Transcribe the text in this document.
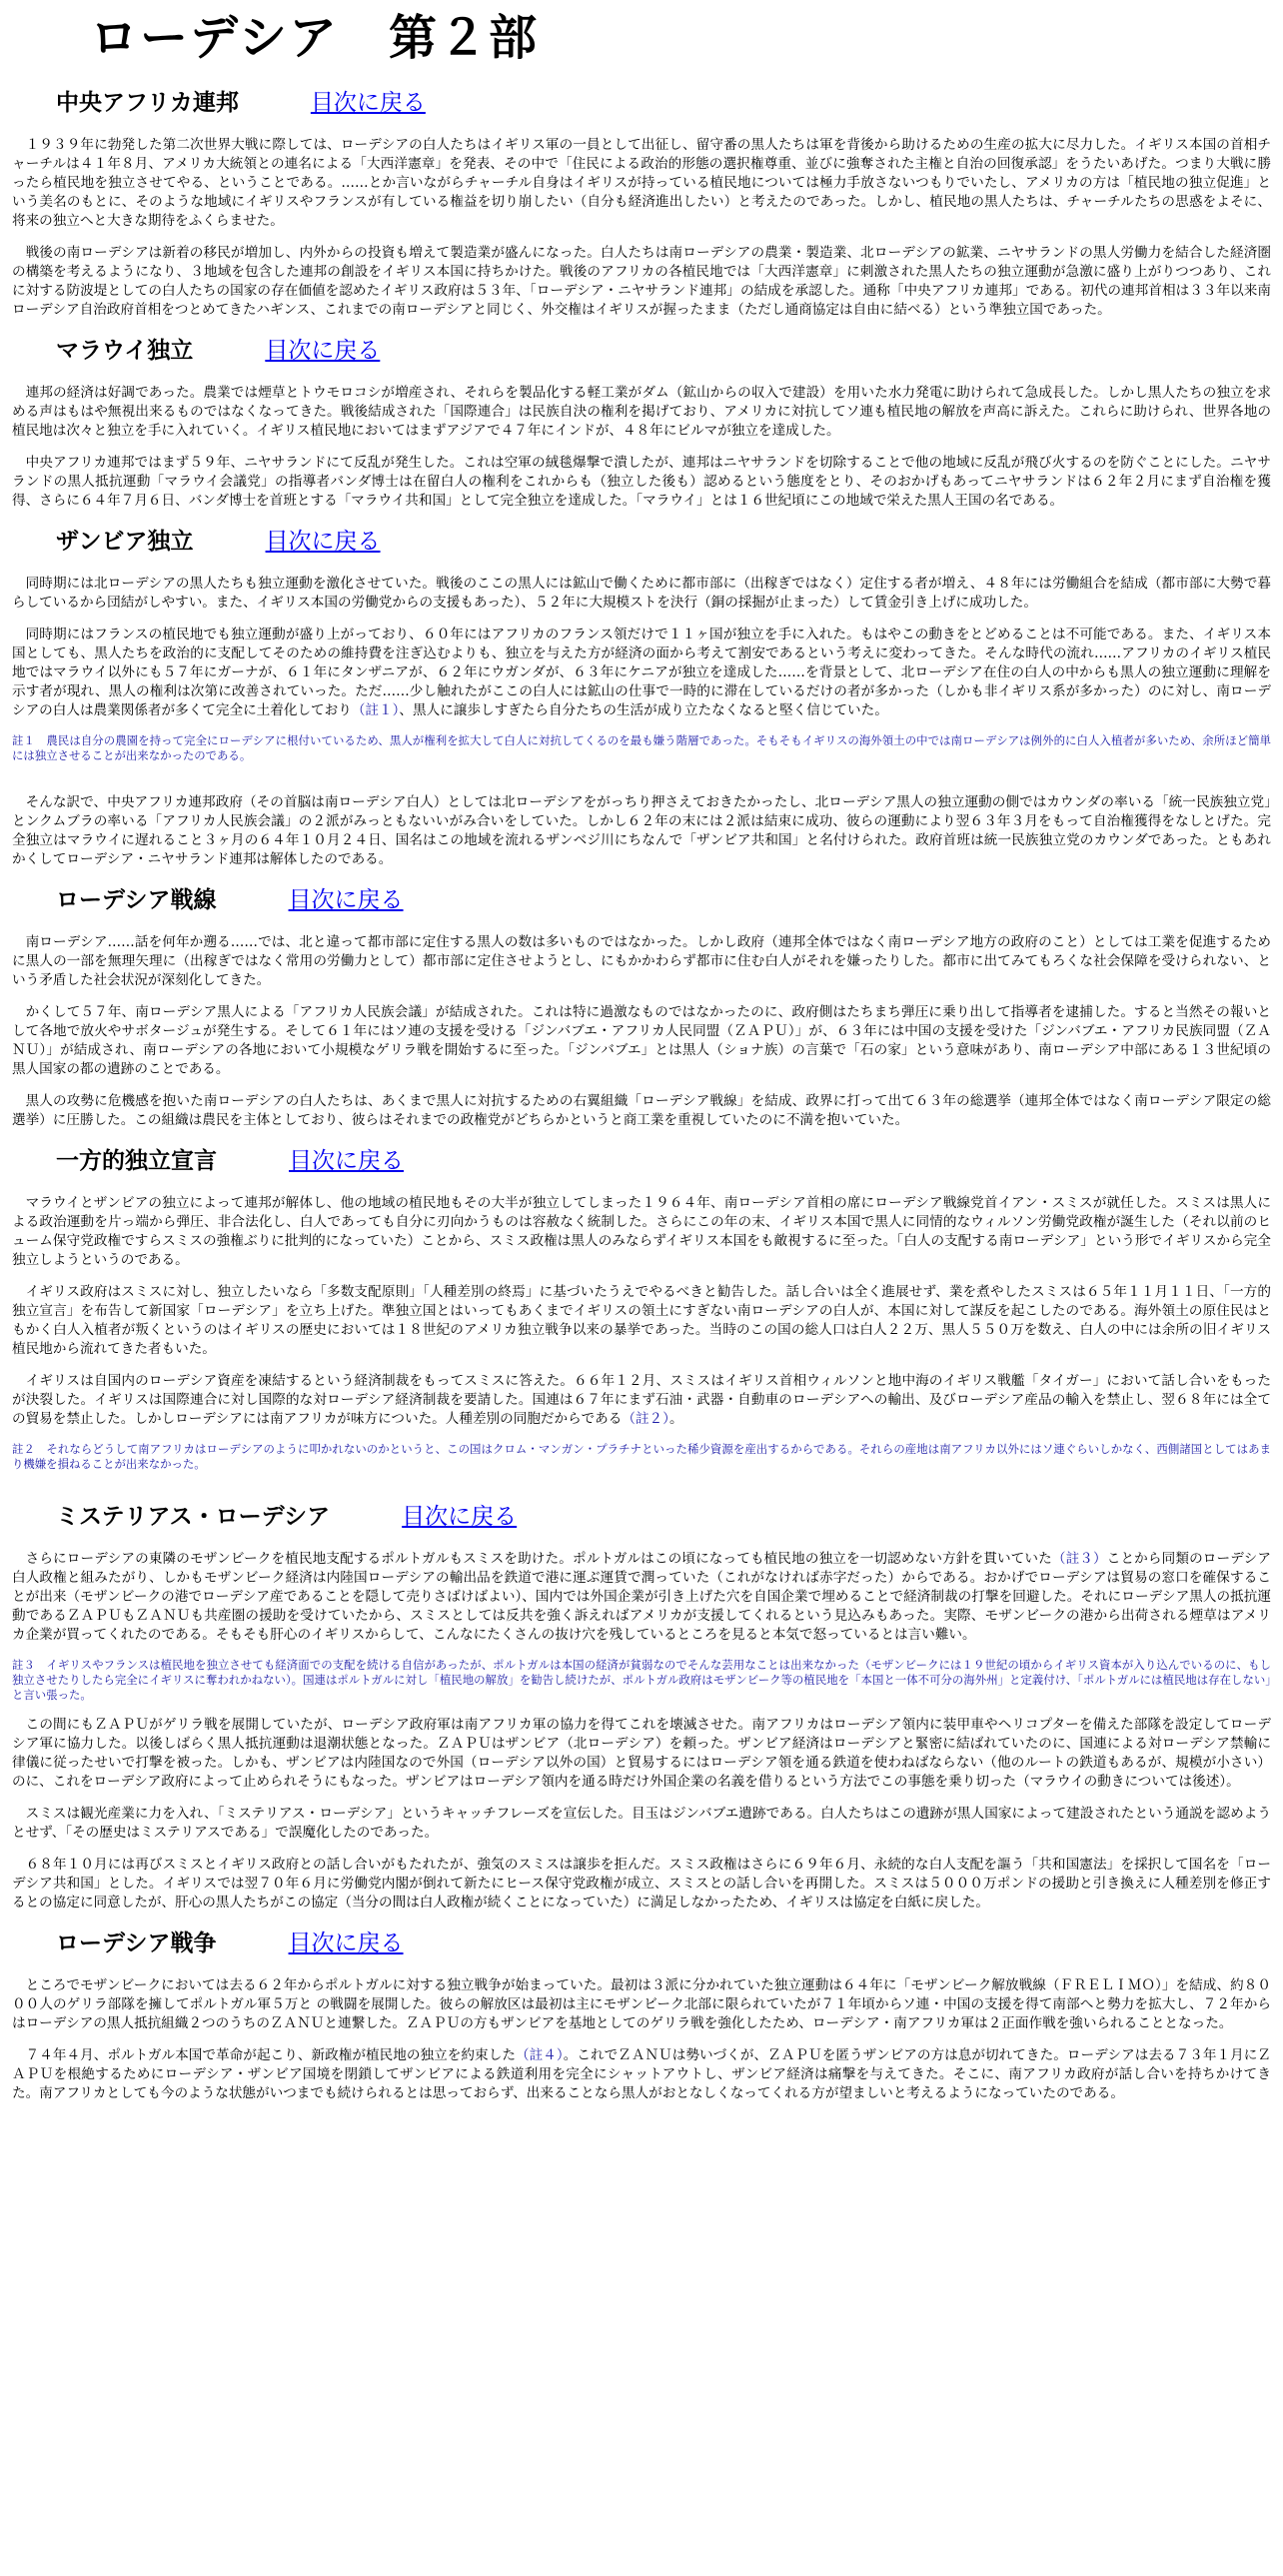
ローデシア　第２部
中央アフリカ連邦	目次に戻る

１９３９年に勃発した第二次世界大戦に際しては、ローデシアの白人たちはイギリス軍の一員として出征し、留守番の黒人たちは軍を背後から助けるための生産の拡大に尽力した。イギリス本国の首相チャーチルは４１年８月、アメリカ大統領との連名による「大西洋憲章」を発表、その中で「住民による政治的形態の選択権尊重、並びに強奪された主権と自治の回復承認」をうたいあげた。つまり大戦に勝ったら植民地を独立させてやる、ということである。……とか言いながらチャーチル自身はイギリスが持っている植民地については極力手放さないつもりでいたし、アメリカの方は「植民地の独立促進」という美名のもとに、そのような地域にイギリスやフランスが有している権益を切り崩したい（自分も経済進出したい）と考えたのであった。しかし、植民地の黒人たちは、チャーチルたちの思惑をよそに、将来の独立へと大きな期待をふくらませた。

戦後の南ローデシアは新着の移民が増加し、内外からの投資も増えて製造業が盛んになった。白人たちは南ローデシアの農業・製造業、北ローデシアの鉱業、ニヤサランドの黒人労働力を結合した経済圏の構築を考えるようになり、３地域を包含した連邦の創設をイギリス本国に持ちかけた。戦後のアフリカの各植民地では「大西洋憲章」に刺激された黒人たちの独立運動が急激に盛り上がりつつあり、これに対する防波堤としての白人たちの国家の存在価値を認めたイギリス政府は５３年、「ローデシア・ニヤサランド連邦」の結成を承認した。通称「中央アフリカ連邦」である。初代の連邦首相は３３年以来南ローデシア自治政府首相をつとめてきたハギンス、これまでの南ローデシアと同じく、外交権はイギリスが握ったまま（ただし通商協定は自由に結べる）という準独立国であった。

マラウイ独立	目次に戻る

連邦の経済は好調であった。農業では煙草とトウモロコシが増産され、それらを製品化する軽工業がダム（鉱山からの収入で建設）を用いた水力発電に助けられて急成長した。しかし黒人たちの独立を求める声はもはや無視出来るものではなくなってきた。戦後結成された「国際連合」は民族自決の権利を掲げており、アメリカに対抗してソ連も植民地の解放を声高に訴えた。これらに助けられ、世界各地の植民地は次々と独立を手に入れていく。イギリス植民地においてはまずアジアで４７年にインドが、４８年にビルマが独立を達成した。

中央アフリカ連邦ではまず５９年、ニヤサランドにて反乱が発生した。これは空軍の絨毯爆撃で潰したが、連邦はニヤサランドを切除することで他の地域に反乱が飛び火するのを防ぐことにした。ニヤサランドの黒人抵抗運動「マラウイ会議党」の指導者バンダ博士は在留白人の権利をこれからも（独立した後も）認めるという態度をとり、そのおかげもあってニヤサランドは６２年２月にまず自治権を獲得、さらに６４年７月６日、バンダ博士を首班とする「マラウイ共和国」として完全独立を達成した。「マラウイ」とは１６世紀頃にこの地域で栄えた黒人王国の名である。

ザンビア独立	目次に戻る

同時期には北ローデシアの黒人たちも独立運動を激化させていた。戦後のここの黒人には鉱山で働くために都市部に（出稼ぎではなく）定住する者が増え、４８年には労働組合を結成（都市部に大勢で暮らしているから団結がしやすい。また、イギリス本国の労働党からの支援もあった）、５２年に大規模ストを決行（銅の採掘が止まった）して賃金引き上げに成功した。

同時期にはフランスの植民地でも独立運動が盛り上がっており、６０年にはアフリカのフランス領だけで１１ヶ国が独立を手に入れた。もはやこの動きをとどめることは不可能である。また、イギリス本国としても、黒人たちを政治的に支配してそのための維持費を注ぎ込むよりも、独立を与えた方が経済の面から考えて割安であるという考えに変わってきた。そんな時代の流れ……アフリカのイギリス植民地ではマラウイ以外にも５７年にガーナが、６１年にタンザニアが、６２年にウガンダが、６３年にケニアが独立を達成した……を背景として、北ローデシア在住の白人の中からも黒人の独立運動に理解を示す者が現れ、黒人の権利は次第に改善されていった。ただ……少し触れたがここの白人には鉱山の仕事で一時的に滞在しているだけの者が多かった（しかも非イギリス系が多かった）のに対し、南ローデシアの白人は農業関係者が多くて完全に土着化しており（註１）、黒人に譲歩しすぎたら自分たちの生活が成り立たなくなると堅く信じていた。

註１　農民は自分の農園を持って完全にローデシアに根付いているため、黒人が権利を拡大して白人に対抗してくるのを最も嫌う階層であった。そもそもイギリスの海外領土の中では南ローデシアは例外的に白人入植者が多いため、余所ほど簡単には独立させることが出来なかったのである。

そんな訳で、中央アフリカ連邦政府（その首脳は南ローデシア白人）としては北ローデシアをがっちり押さえておきたかったし、北ローデシア黒人の独立運動の側ではカウンダの率いる「統一民族独立党」とンクムブラの率いる「アフリカ人民族会議」の２派がみっともないいがみ合いをしていた。しかし６２年の末には２派は結束に成功、彼らの運動により翌６３年３月をもって自治権獲得をなしとげた。完全独立はマラウイに遅れること３ヶ月の６４年１０月２４日、国名はこの地域を流れるザンベジ川にちなんで「ザンビア共和国」と名付けられた。政府首班は統一民族独立党のカウンダであった。ともあれかくしてローデシア・ニヤサランド連邦は解体したのである。

ローデシア戦線	目次に戻る

南ローデシア……話を何年か遡る……では、北と違って都市部に定住する黒人の数は多いものではなかった。しかし政府（連邦全体ではなく南ローデシア地方の政府のこと）としては工業を促進するために黒人の一部を無理矢理に（出稼ぎではなく常用の労働力として）都市部に定住させようとし、にもかかわらず都市に住む白人がそれを嫌ったりした。都市に出てみてもろくな社会保障を受けられない、という矛盾した社会状況が深刻化してきた。

かくして５７年、南ローデシア黒人による「アフリカ人民族会議」が結成された。これは特に過激なものではなかったのに、政府側はたちまち弾圧に乗り出して指導者を逮捕した。すると当然その報いとして各地で放火やサボタージュが発生する。そして６１年にはソ連の支援を受ける「ジンバブエ・アフリカ人民同盟（ＺＡＰＵ）」が、６３年には中国の支援を受けた「ジンバブエ・アフリカ民族同盟（ＺＡＮＵ）」が結成され、南ローデシアの各地において小規模なゲリラ戦を開始するに至った。「ジンバブエ」とは黒人（ショナ族）の言葉で「石の家」という意味があり、南ローデシア中部にある１３世紀頃の黒人国家の都の遺跡のことである。

黒人の攻勢に危機感を抱いた南ローデシアの白人たちは、あくまで黒人に対抗するための右翼組織「ローデシア戦線」を結成、政界に打って出て６３年の総選挙（連邦全体ではなく南ローデシア限定の総選挙）に圧勝した。この組織は農民を主体としており、彼らはそれまでの政権党がどちらかというと商工業を重視していたのに不満を抱いていた。

一方的独立宣言	目次に戻る

マラウイとザンビアの独立によって連邦が解体し、他の地域の植民地もその大半が独立してしまった１９６４年、南ローデシア首相の席にローデシア戦線党首イアン・スミスが就任した。スミスは黒人による政治運動を片っ端から弾圧、非合法化し、白人であっても自分に刃向かうものは容赦なく統制した。さらにこの年の末、イギリス本国で黒人に同情的なウィルソン労働党政権が誕生した（それ以前のヒューム保守党政権ですらスミスの強権ぶりに批判的になっていた）ことから、スミス政権は黒人のみならずイギリス本国をも敵視するに至った。「白人の支配する南ローデシア」という形でイギリスから完全独立しようというのである。

イギリス政府はスミスに対し、独立したいなら「多数支配原則」「人種差別の終焉」に基づいたうえでやるべきと勧告した。話し合いは全く進展せず、業を煮やしたスミスは６５年１１月１１日、「一方的独立宣言」を布告して新国家「ローデシア」を立ち上げた。準独立国とはいってもあくまでイギリスの領土にすぎない南ローデシアの白人が、本国に対して謀反を起こしたのである。海外領土の原住民はともかく白人入植者が叛くというのはイギリスの歴史においては１８世紀のアメリカ独立戦争以来の暴挙であった。当時のこの国の総人口は白人２２万、黒人５５０万を数え、白人の中には余所の旧イギリス植民地から流れてきた者もいた。

イギリスは自国内のローデシア資産を凍結するという経済制裁をもってスミスに答えた。６６年１２月、スミスはイギリス首相ウィルソンと地中海のイギリス戦艦「タイガー」において話し合いをもったが決裂した。イギリスは国際連合に対し国際的な対ローデシア経済制裁を要請した。国連は６７年にまず石油・武器・自動車のローデシアへの輸出、及びローデシア産品の輸入を禁止し、翌６８年には全ての貿易を禁止した。しかしローデシアには南アフリカが味方についた。人種差別の同胞だからである（註２）。

註２　それならどうして南アフリカはローデシアのように叩かれないのかというと、この国はクロム・マンガン・プラチナといった稀少資源を産出するからである。それらの産地は南アフリカ以外にはソ連ぐらいしかなく、西側諸国としてはあまり機嫌を損ねることが出来なかった。

ミステリアス・ローデシア	目次に戻る

さらにローデシアの東隣のモザンビークを植民地支配するポルトガルもスミスを助けた。ポルトガルはこの頃になっても植民地の独立を一切認めない方針を貫いていた（註３）ことから同類のローデシア白人政権と組みたがり、しかもモザンビーク経済は内陸国ローデシアの輸出品を鉄道で港に運ぶ運賃で潤っていた（これがなければ赤字だった）からである。おかげでローデシアは貿易の窓口を確保することが出来（モザンビークの港でローデシア産であることを隠して売りさばけばよい）、国内では外国企業が引き上げた穴を自国企業で埋めることで経済制裁の打撃を回避した。それにローデシア黒人の抵抗運動であるＺＡＰＵもＺＡＮＵも共産圏の援助を受けていたから、スミスとしては反共を強く訴えればアメリカが支援してくれるという見込みもあった。実際、モザンビークの港から出荷される煙草はアメリカ企業が買ってくれたのである。そもそも肝心のイギリスからして、こんなにたくさんの抜け穴を残しているところを見ると本気で怒っているとは言い難い。

註３　イギリスやフランスは植民地を独立させても経済面での支配を続ける自信があったが、ポルトガルは本国の経済が貧弱なのでそんな芸用なことは出来なかった（モザンビークには１９世紀の頃からイギリス資本が入り込んでいるのに、もし独立させたりしたら完全にイギリスに奪われかねない）。国連はポルトガルに対し「植民地の解放」を勧告し続けたが、ポルトガル政府はモザンビーク等の植民地を「本国と一体不可分の海外州」と定義付け、「ポルトガルには植民地は存在しない」と言い張った。

この間にもＺＡＰＵがゲリラ戦を展開していたが、ローデシア政府軍は南アフリカ軍の協力を得てこれを壊滅させた。南アフリカはローデシア領内に装甲車やヘリコプターを備えた部隊を設定してローデシア軍に協力した。以後しばらく黒人抵抗運動は退潮状態となった。ＺＡＰＵはザンビア（北ローデシア）を頼った。ザンビア経済はローデシアと緊密に結ばれていたのに、国連による対ローデシア禁輸に律儀に従ったせいで打撃を被った。しかも、ザンビアは内陸国なので外国（ローデシア以外の国）と貿易するにはローデシア領を通る鉄道を使わねばならない（他のルートの鉄道もあるが、規模が小さい）のに、これをローデシア政府によって止められそうにもなった。ザンビアはローデシア領内を通る時だけ外国企業の名義を借りるという方法でこの事態を乗り切った（マラウイの動きについては後述）。

スミスは観光産業に力を入れ、「ミステリアス・ローデシア」というキャッチフレーズを宣伝した。目玉はジンバブエ遺跡である。白人たちはこの遺跡が黒人国家によって建設されたという通説を認めようとせず、「その歴史はミステリアスである」で誤魔化したのであった。

６８年１０月には再びスミスとイギリス政府との話し合いがもたれたが、強気のスミスは譲歩を拒んだ。スミス政権はさらに６９年６月、永続的な白人支配を謳う「共和国憲法」を採択して国名を「ローデシア共和国」とした。イギリスでは翌７０年６月に労働党内閣が倒れて新たにヒース保守党政権が成立、スミスとの話し合いを再開した。スミスは５０００万ポンドの援助と引き換えに人種差別を修正するとの協定に同意したが、肝心の黒人たちがこの協定（当分の間は白人政権が続くことになっていた）に満足しなかったため、イギリスは協定を白紙に戻した。

ローデシア戦争	目次に戻る

ところでモザンビークにおいては去る６２年からポルトガルに対する独立戦争が始まっていた。最初は３派に分かれていた独立運動は６４年に「モザンビーク解放戦線（ＦＲＥＬＩＭＯ）」を結成、約８０００人のゲリラ部隊を擁してポルトガル軍５万と の戦闘を展開した。彼らの解放区は最初は主にモザンビーク北部に限られていたが７１年頃からソ連・中国の支援を得て南部へと勢力を拡大し、７２年からはローデシアの黒人抵抗組織２つのうちのＺＡＮＵと連繋した。ＺＡＰＵの方もザンビアを基地としてのゲリラ戦を強化したため、ローデシア・南アフリカ軍は２正面作戦を強いられることとなった。

７４年４月、ポルトガル本国で革命が起こり、新政権が植民地の独立を約束した（註４）。これでＺＡＮＵは勢いづくが、ＺＡＰＵを匿うザンビアの方は息が切れてきた。ローデシアは去る７３年１月にＺＡＰＵを根絶するためにローデシア・ザンビア国境を閉鎖してザンビアによる鉄道利用を完全にシャットアウトし、ザンビア経済は痛撃を与えてきた。そこに、南アフリカ政府が話し合いを持ちかけてきた。南アフリカとしても今のような状態がいつまでも続けられるとは思っておらず、出来ることなら黒人がおとなしくなってくれる方が望ましいと考えるようになっていたのである。
